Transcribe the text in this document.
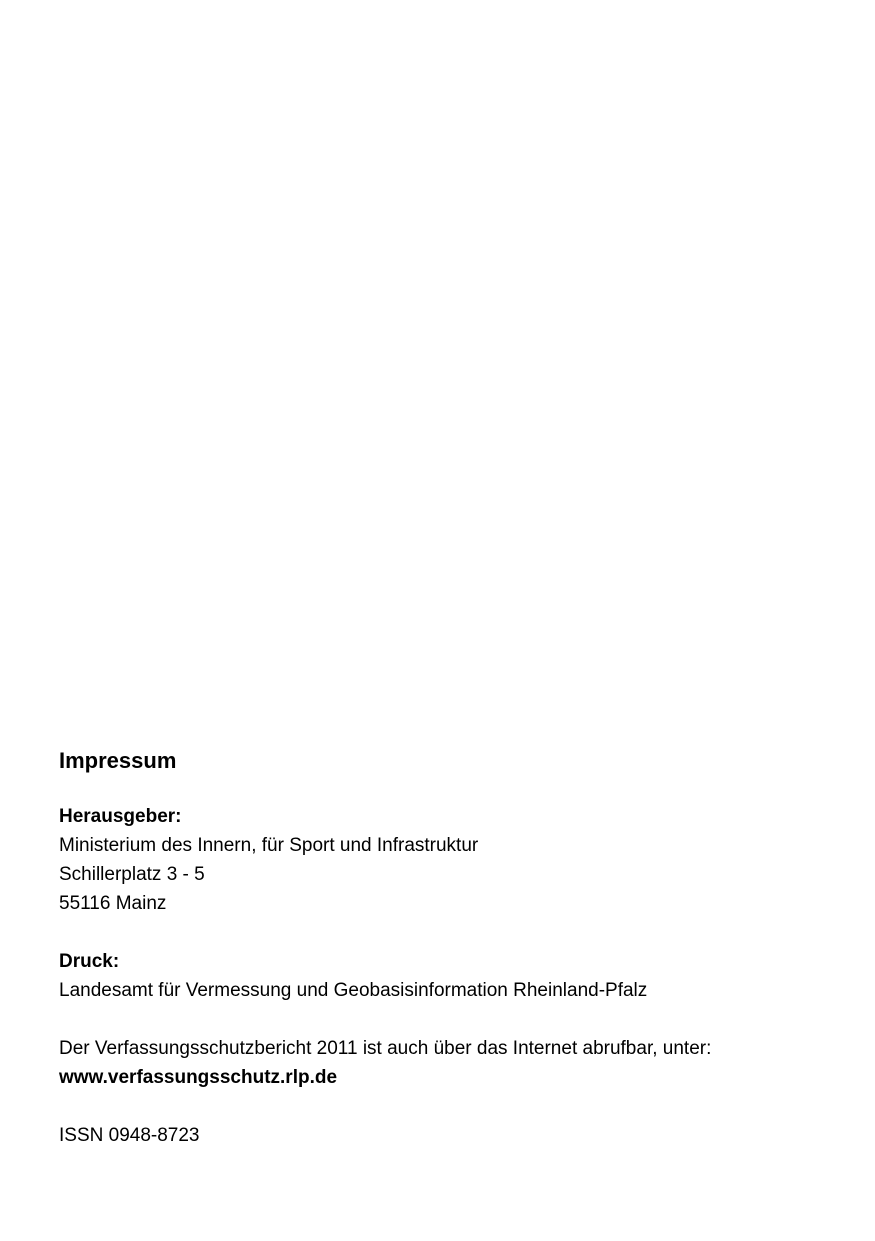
Impressum

Herausgeber:

Ministerium des Innern, für Sport und Infrastruktur

Schillerplatz 3 - 5

55116 Mainz

Druck:

Landesamt für Vermessung und Geobasisinformation Rheinland-Pfalz

Der Verfassungsschutzbericht 2011 ist auch über das Internet abrufbar, unter:

www.verfassungsschutz.rlp.de

ISSN 0948-8723
